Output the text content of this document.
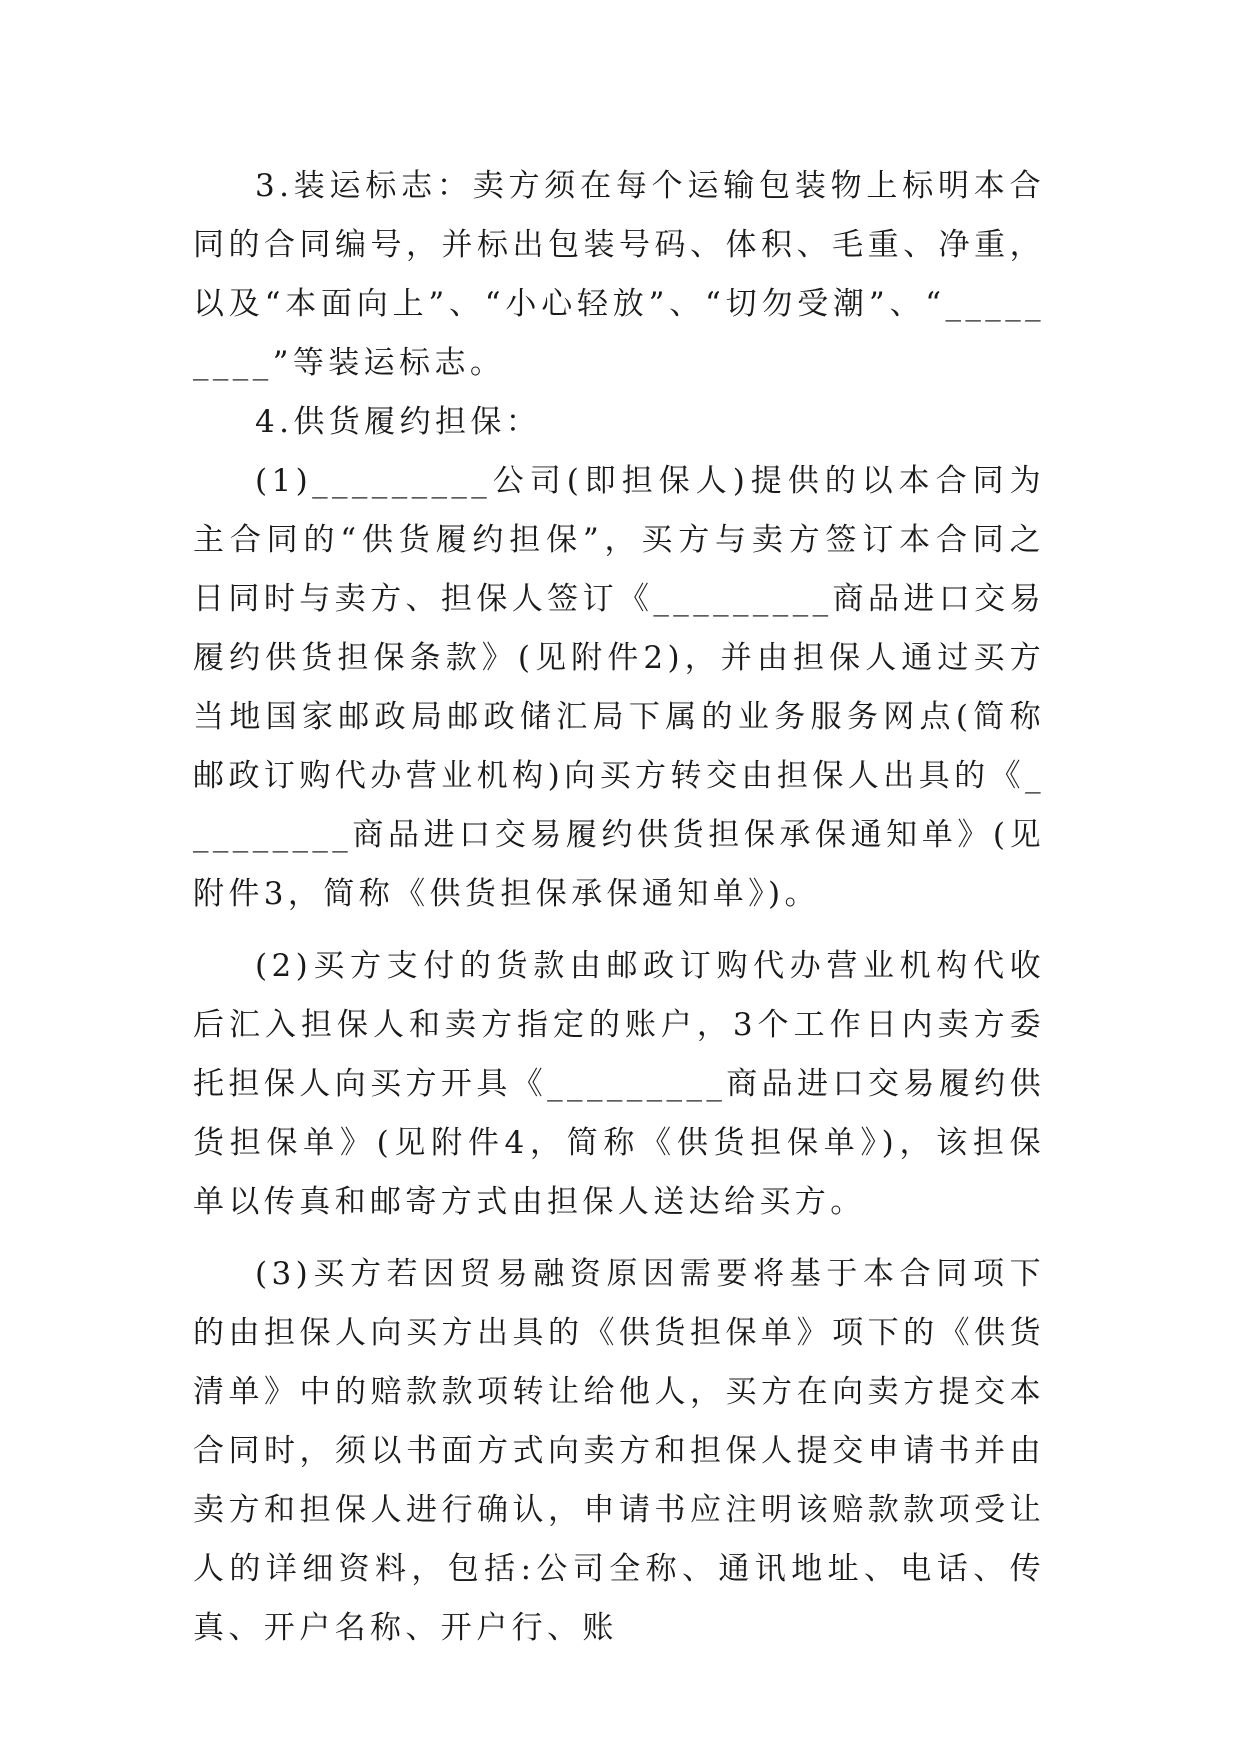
3.装运标志：卖方须在每个运输包装物上标明本合同的合同编号，并标出包装号码、体积、毛重、净重，以及“本面向上”、“小心轻放”、“切勿受潮”、“_________”等装运标志。

4.供货履约担保：

(1)_________公司(即担保人)提供的以本合同为主合同的“供货履约担保”，买方与卖方签订本合同之日同时与卖方、担保人签订《_________商品进口交易履约供货担保条款》(见附件2)，并由担保人通过买方当地国家邮政局邮政储汇局下属的业务服务网点(简称邮政订购代办营业机构)向买方转交由担保人出具的《_________商品进口交易履约供货担保承保通知单》(见附件3，简称《供货担保承保通知单》)。

(2)买方支付的货款由邮政订购代办营业机构代收后汇入担保人和卖方指定的账户，3个工作日内卖方委托担保人向买方开具《_________商品进口交易履约供货担保单》(见附件4，简称《供货担保单》)，该担保单以传真和邮寄方式由担保人送达给买方。

(3)买方若因贸易融资原因需要将基于本合同项下的由担保人向买方出具的《供货担保单》项下的《供货清单》中的赔款款项转让给他人，买方在向卖方提交本合同时，须以书面方式向卖方和担保人提交申请书并由卖方和担保人进行确认，申请书应注明该赔款款项受让人的详细资料，包括:公司全称、通讯地址、电话、传真、开户名称、开户行、账
